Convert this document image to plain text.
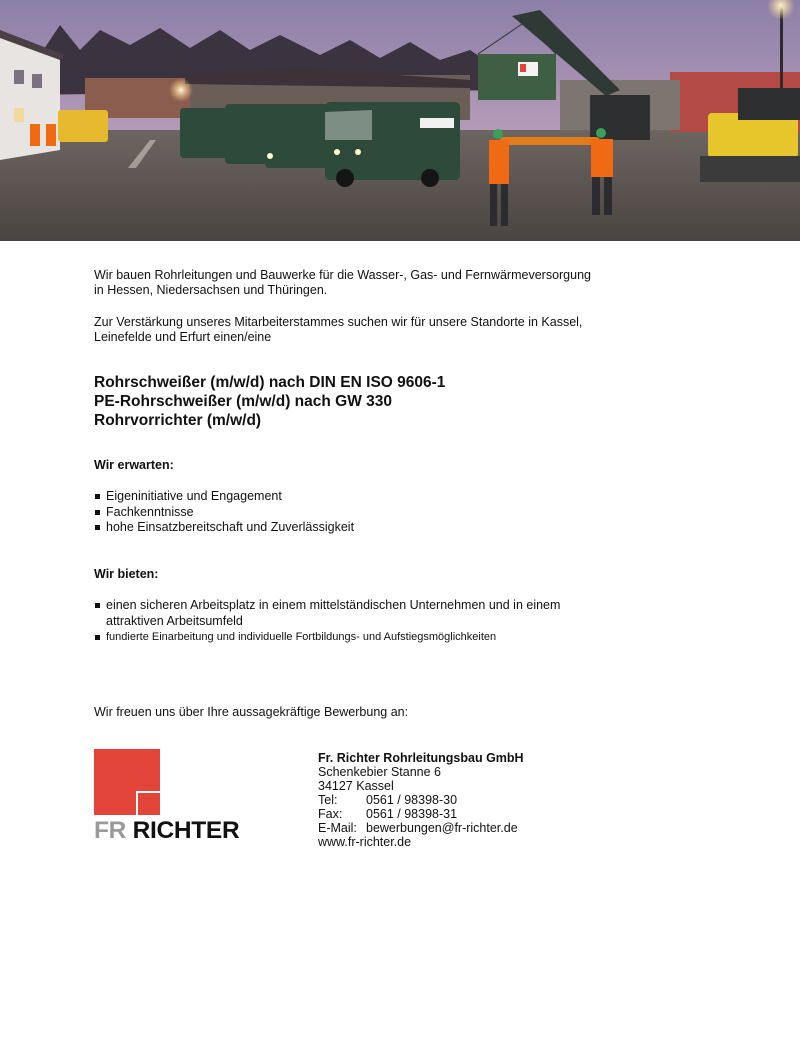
Wir bauen Rohrleitungen und Bauwerke für die Wasser-, Gas- und Fernwärmeversorgung
in Hessen, Niedersachsen und Thüringen.

Zur Verstärkung unseres Mitarbeiterstammes suchen wir für unsere Standorte in Kassel,
Leinefelde und Erfurt einen/eine

Rohrschweißer (m/w/d) nach DIN EN ISO 9606-1
PE-Rohrschweißer (m/w/d) nach GW 330
Rohrvorrichter (m/w/d)
Wir erwarten:
Eigeninitiative und Engagement
Fachkenntnisse
hohe Einsatzbereitschaft und Zuverlässigkeit
Wir bieten:
einen sicheren Arbeitsplatz in einem mittelständischen Unternehmen und in einem
attraktiven Arbeitsumfeld
fundierte Einarbeitung und individuelle Fortbildungs- und Aufstiegsmöglichkeiten
Wir freuen uns über Ihre aussagekräftige Bewerbung an:
FR RICHTER
Fr. Richter Rohrleitungsbau GmbH
Schenkebier Stanne 6
34127 Kassel
Tel:	0561 / 98398-30
Fax:	0561 / 98398-31
E-Mail: bewerbungen@fr-richter.de
www.fr-richter.de
